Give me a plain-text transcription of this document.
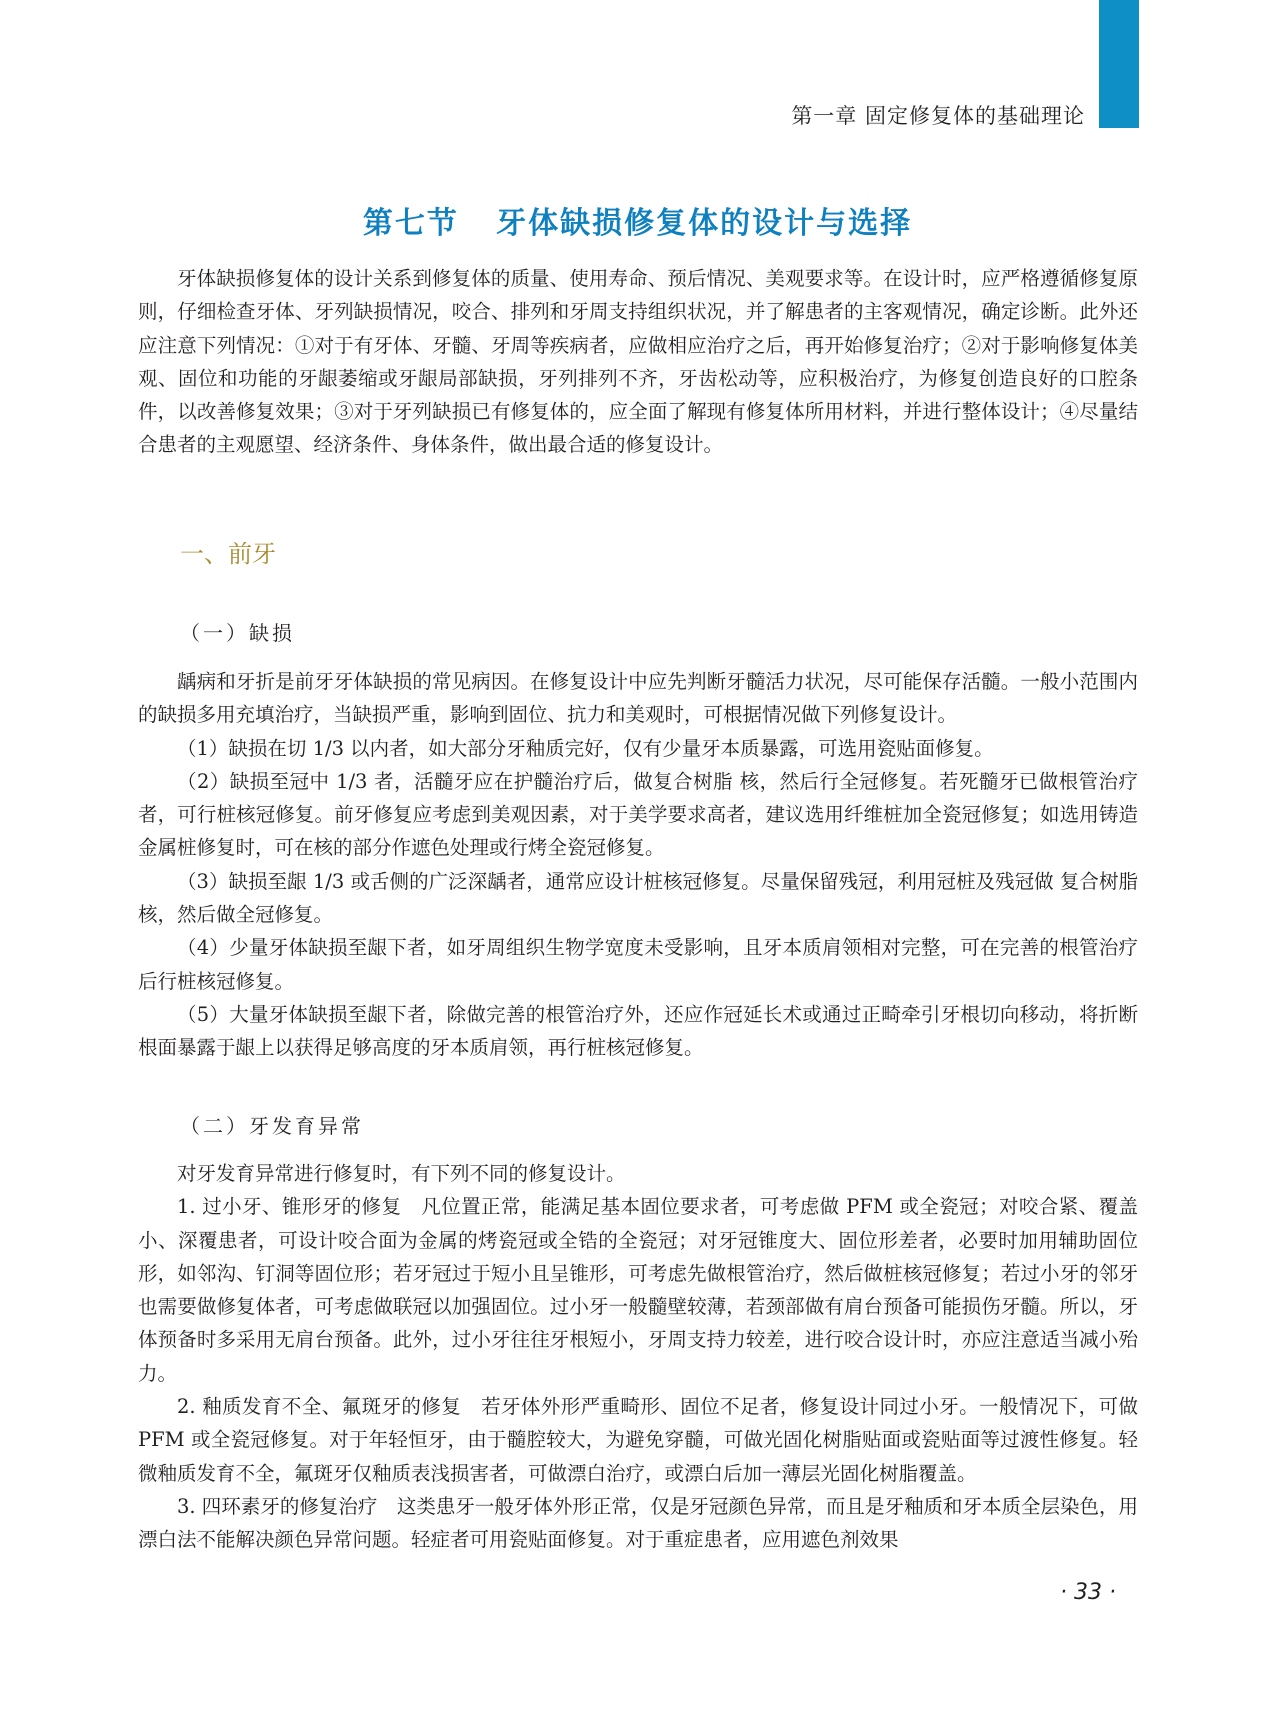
第一章 固定修复体的基础理论
第七节   牙体缺损修复体的设计与选择

牙体缺损修复体的设计关系到修复体的质量、使用寿命、预后情况、美观要求等。在设计时，应严格遵循修复原则，仔细检查牙体、牙列缺损情况，咬合、排列和牙周支持组织状况，并了解患者的主客观情况，确定诊断。此外还应注意下列情况：①对于有牙体、牙髓、牙周等疾病者，应做相应治疗之后，再开始修复治疗；②对于影响修复体美观、固位和功能的牙龈萎缩或牙龈局部缺损，牙列排列不齐，牙齿松动等，应积极治疗，为修复创造良好的口腔条件，以改善修复效果；③对于牙列缺损已有修复体的，应全面了解现有修复体所用材料，并进行整体设计；④尽量结合患者的主观愿望、经济条件、身体条件，做出最合适的修复设计。

一、前牙
（一）缺损

龋病和牙折是前牙牙体缺损的常见病因。在修复设计中应先判断牙髓活力状况，尽可能保存活髓。一般小范围内的缺损多用充填治疗，当缺损严重，影响到固位、抗力和美观时，可根据情况做下列修复设计。

（1）缺损在切 1/3 以内者，如大部分牙釉质完好，仅有少量牙本质暴露，可选用瓷贴面修复。

（2）缺损至冠中 1/3 者，活髓牙应在护髓治疗后，做复合树脂 核，然后行全冠修复。若死髓牙已做根管治疗者，可行桩核冠修复。前牙修复应考虑到美观因素，对于美学要求高者，建议选用纤维桩加全瓷冠修复；如选用铸造金属桩修复时，可在核的部分作遮色处理或行烤全瓷冠修复。

（3）缺损至龈 1/3 或舌侧的广泛深龋者，通常应设计桩核冠修复。尽量保留残冠，利用冠桩及残冠做 复合树脂核，然后做全冠修复。

（4）少量牙体缺损至龈下者，如牙周组织生物学宽度未受影响，且牙本质肩领相对完整，可在完善的根管治疗后行桩核冠修复。

（5）大量牙体缺损至龈下者，除做完善的根管治疗外，还应作冠延长术或通过正畸牵引牙根切向移动，将折断根面暴露于龈上以获得足够高度的牙本质肩领，再行桩核冠修复。

（二）牙发育异常

对牙发育异常进行修复时，有下列不同的修复设计。

1. 过小牙、锥形牙的修复　凡位置正常，能满足基本固位要求者，可考虑做 PFM 或全瓷冠；对咬合紧、覆盖小、深覆患者，可设计咬合面为金属的烤瓷冠或全锆的全瓷冠；对牙冠锥度大、固位形差者，必要时加用辅助固位形，如邻沟、钉洞等固位形；若牙冠过于短小且呈锥形，可考虑先做根管治疗，然后做桩核冠修复；若过小牙的邻牙也需要做修复体者，可考虑做联冠以加强固位。过小牙一般髓壁较薄，若颈部做有肩台预备可能损伤牙髓。所以，牙体预备时多采用无肩台预备。此外，过小牙往往牙根短小，牙周支持力较差，进行咬合设计时，亦应注意适当减小殆力。

2. 釉质发育不全、氟斑牙的修复　若牙体外形严重畸形、固位不足者，修复设计同过小牙。一般情况下，可做 PFM 或全瓷冠修复。对于年轻恒牙，由于髓腔较大，为避免穿髓，可做光固化树脂贴面或瓷贴面等过渡性修复。轻微釉质发育不全，氟斑牙仅釉质表浅损害者，可做漂白治疗，或漂白后加一薄层光固化树脂覆盖。

3. 四环素牙的修复治疗　这类患牙一般牙体外形正常，仅是牙冠颜色异常，而且是牙釉质和牙本质全层染色，用漂白法不能解决颜色异常问题。轻症者可用瓷贴面修复。对于重症患者，应用遮色剂效果

· 33 ·
